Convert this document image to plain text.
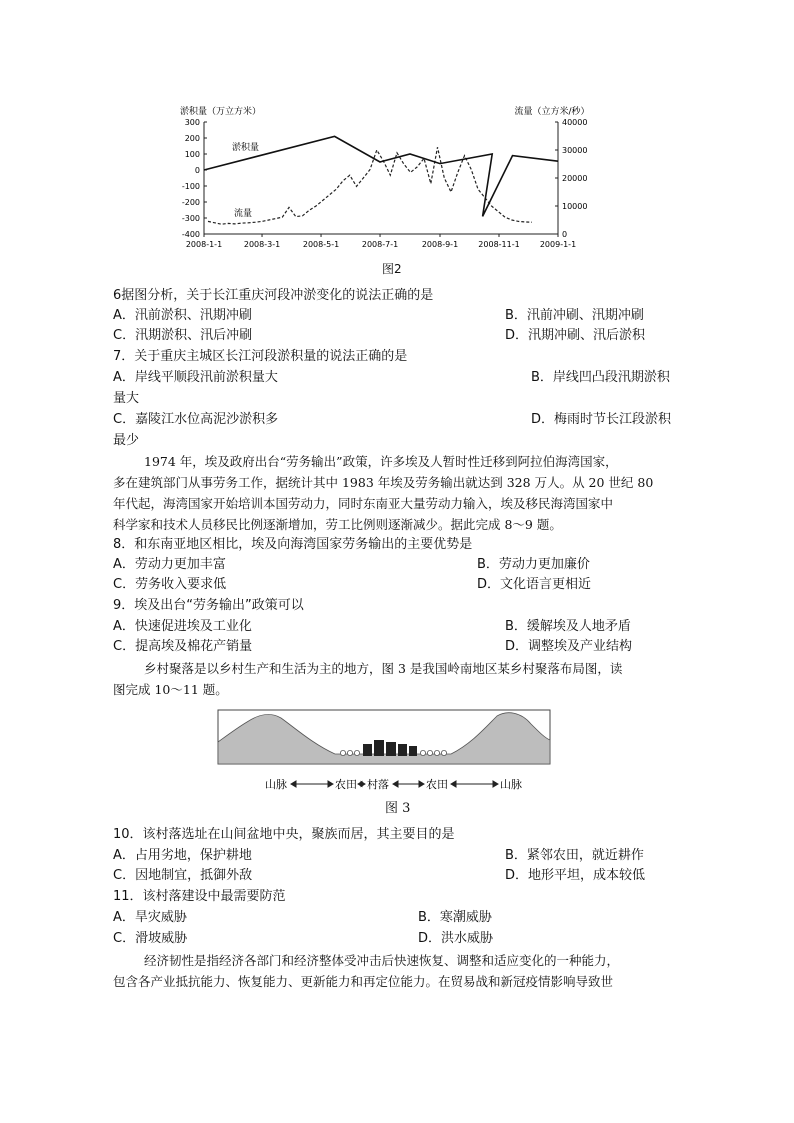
淤积量（万立方米）	流量（立方米/秒）
300
200
100
0
-100
-200
-300
-400
40000
30000
20000
10000
0
2008-1-1	2008-3-1	2008-5-1	2008-7-1	2008-9-1	2008-11-1	2009-1-1
淤积量
流量
图2
6据图分析，关于长江重庆河段冲淤变化的说法正确的是
A．汛前淤积、汛期冲刷	B．汛前冲刷、汛期冲刷
C．汛期淤积、汛后冲刷	D．汛期冲刷、汛后淤积
7．关于重庆主城区长江河段淤积量的说法正确的是
A．岸线平顺段汛前淤积量大	B．岸线凹凸段汛期淤积
量大
C．嘉陵江水位高泥沙淤积多	D．梅雨时节长江段淤积
最少
1974 年，埃及政府出台“劳务输出”政策，许多埃及人暂时性迁移到阿拉伯海湾国家，
多在建筑部门从事劳务工作，据统计其中 1983 年埃及劳务输出就达到 328 万人。从 20 世纪 80
年代起，海湾国家开始培训本国劳动力，同时东南亚大量劳动力输入，埃及移民海湾国家中
科学家和技术人员移民比例逐渐增加，劳工比例则逐渐减少。据此完成 8～9 题。
8．和东南亚地区相比，埃及向海湾国家劳务输出的主要优势是
A．劳动力更加丰富	B．劳动力更加廉价
C．劳务收入要求低	D．文化语言更相近
9．埃及出台“劳务输出”政策可以
A．快速促进埃及工业化	B．缓解埃及人地矛盾
C．提高埃及棉花产销量	D．调整埃及产业结构
乡村聚落是以乡村生产和生活为主的地方，图 3 是我国岭南地区某乡村聚落布局图，读
图完成 10～11 题。
山脉	农田 村落	农田	山脉
图 3
10．该村落选址在山间盆地中央，聚族而居，其主要目的是
A．占用劣地，保护耕地	B．紧邻农田，就近耕作
C．因地制宜，抵御外敌	D．地形平坦，成本较低
11．该村落建设中最需要防范
A．旱灾威胁	B．寒潮威胁
C．滑坡威胁	D．洪水威胁
经济韧性是指经济各部门和经济整体受冲击后快速恢复、调整和适应变化的一种能力，
包含各产业抵抗能力、恢复能力、更新能力和再定位能力。在贸易战和新冠疫情影响导致世
